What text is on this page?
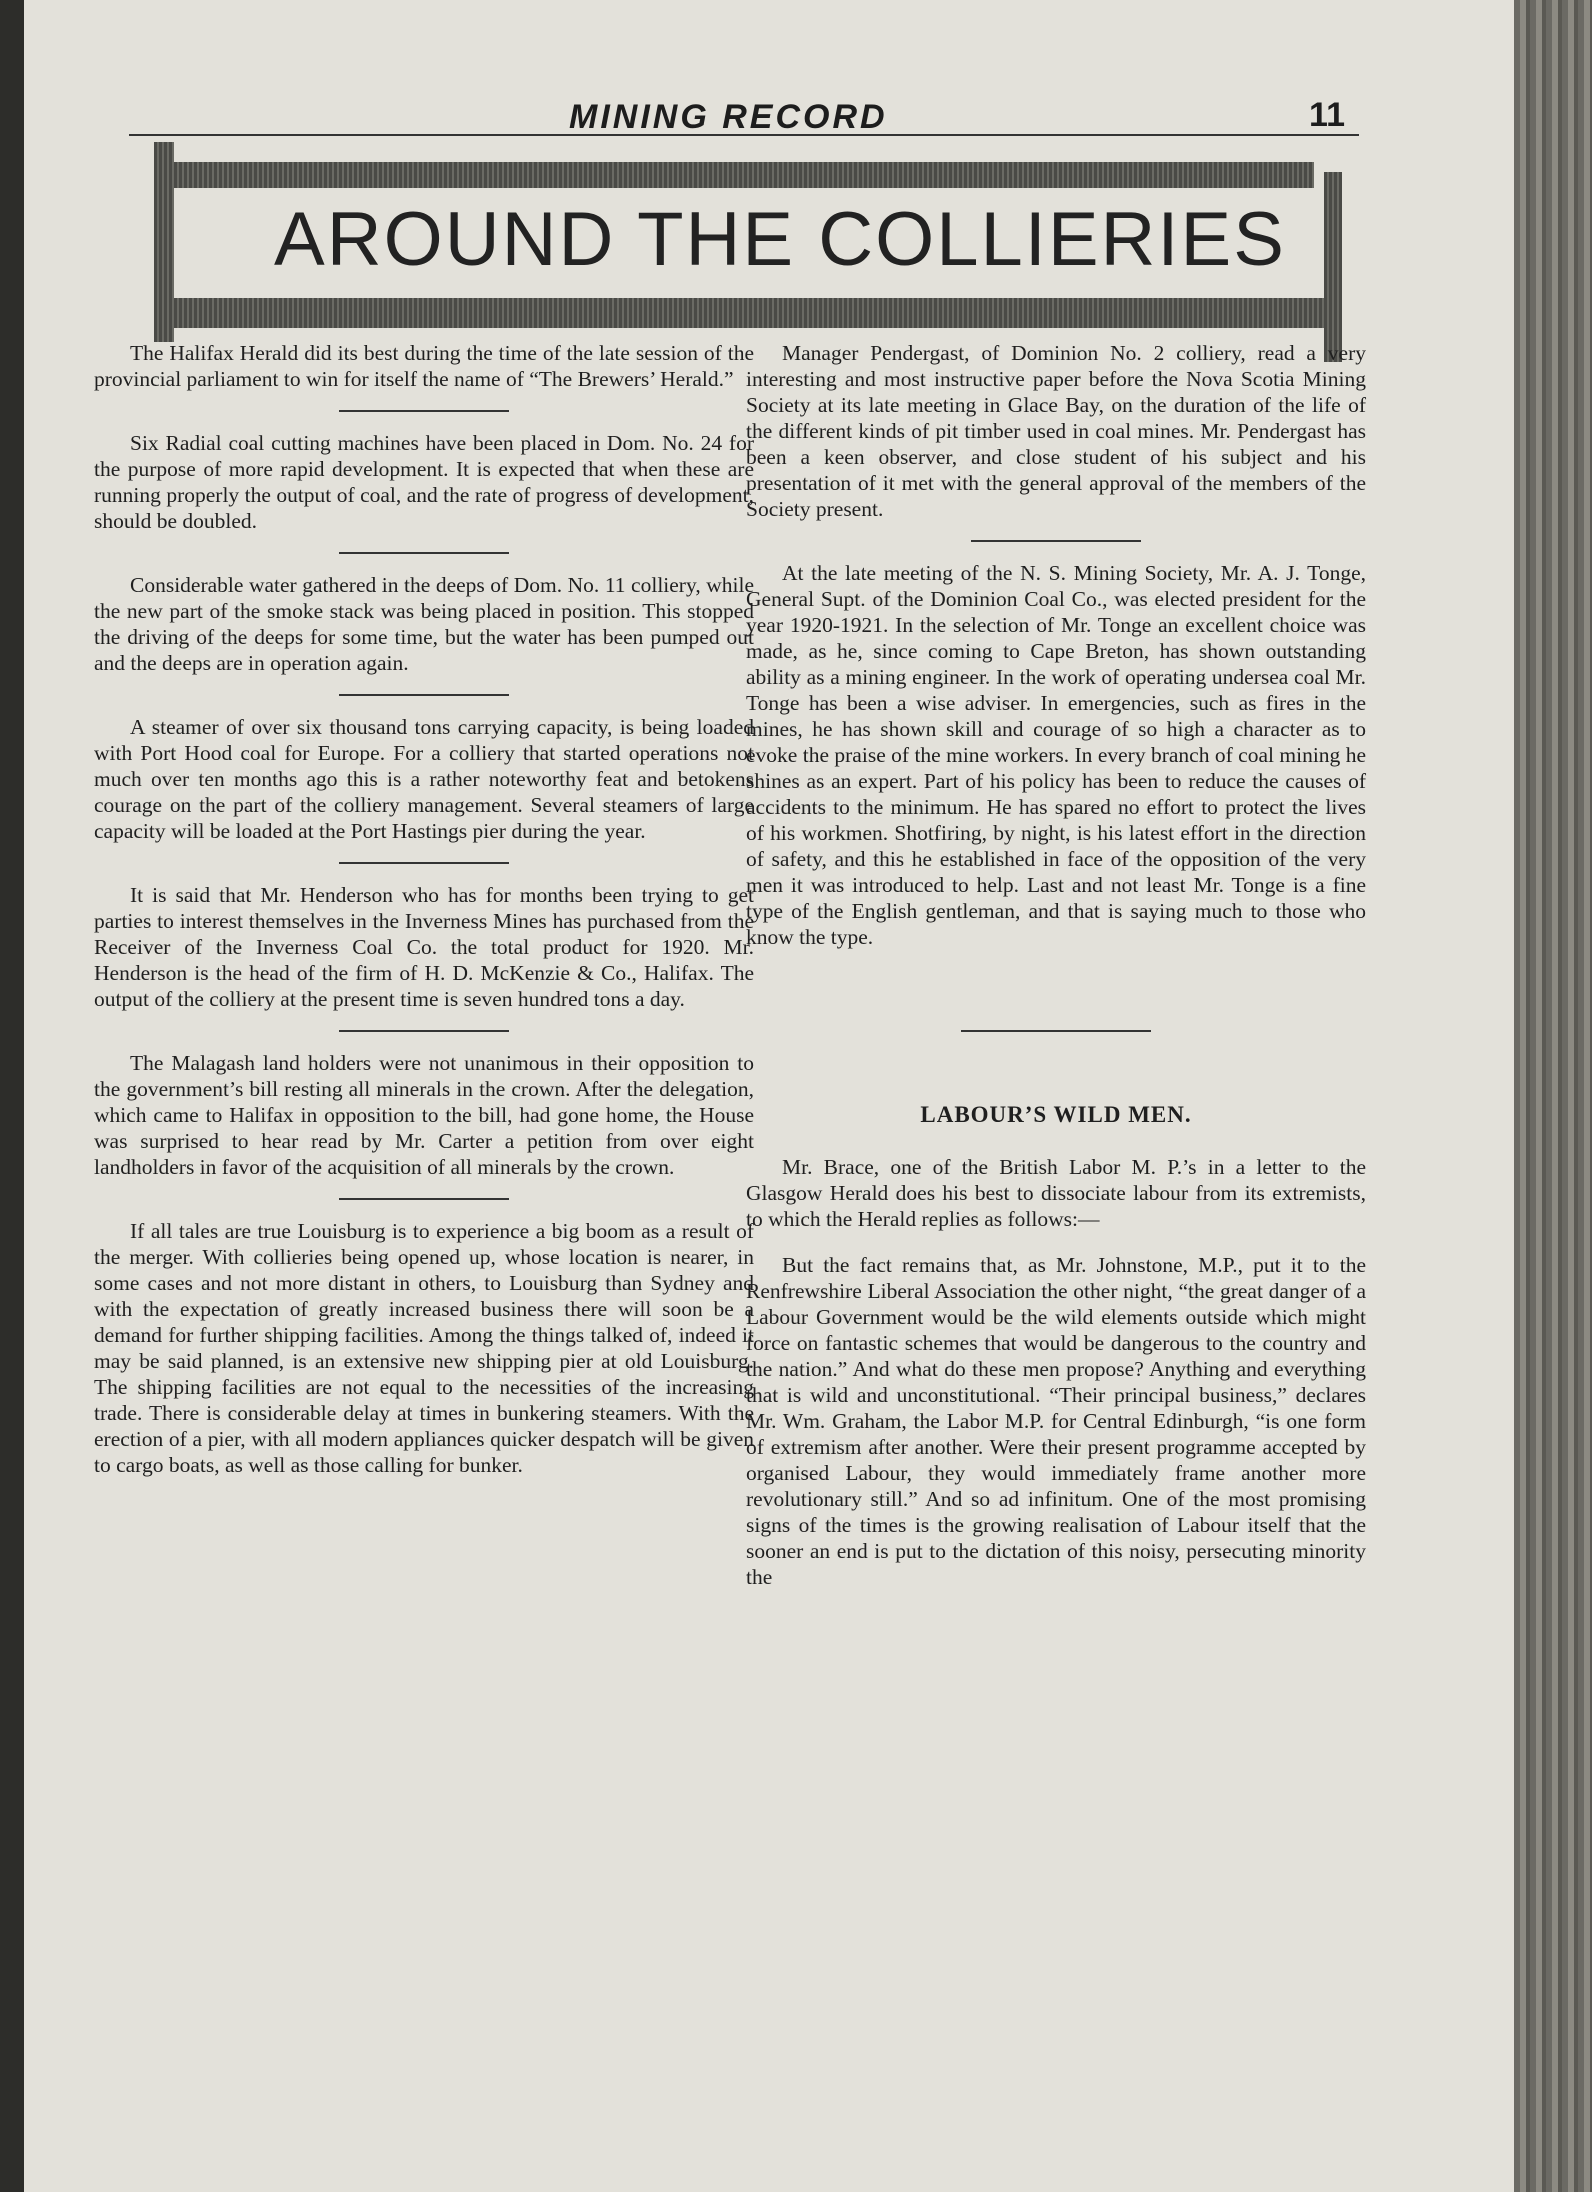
MINING RECORD	11
AROUND THE COLLIERIES

The Halifax Herald did its best during the time of the late session of the provincial parliament to win for itself the name of “The Brewers’ Herald.”

Six Radial coal cutting machines have been placed in Dom. No. 24 for the purpose of more rapid development. It is expected that when these are running properly the output of coal, and the rate of progress of development, should be doubled.

Considerable water gathered in the deeps of Dom. No. 11 colliery, while the new part of the smoke stack was being placed in position. This stopped the driving of the deeps for some time, but the water has been pumped out and the deeps are in operation again.

A steamer of over six thousand tons carrying capacity, is being loaded with Port Hood coal for Europe. For a colliery that started operations not much over ten months ago this is a rather noteworthy feat and betokens courage on the part of the colliery management. Several steamers of large capacity will be loaded at the Port Hastings pier during the year.

It is said that Mr. Henderson who has for months been trying to get parties to interest themselves in the Inverness Mines has purchased from the Receiver of the Inverness Coal Co. the total product for 1920. Mr. Henderson is the head of the firm of H. D. McKenzie & Co., Halifax. The output of the colliery at the present time is seven hundred tons a day.

The Malagash land holders were not unanimous in their opposition to the government’s bill resting all minerals in the crown. After the delegation, which came to Halifax in opposition to the bill, had gone home, the House was surprised to hear read by Mr. Carter a petition from over eight landholders in favor of the acquisition of all minerals by the crown.

If all tales are true Louisburg is to experience a big boom as a result of the merger. With collieries being opened up, whose location is nearer, in some cases and not more distant in others, to Louisburg than Sydney and with the expectation of greatly increased business there will soon be a demand for further shipping facilities. Among the things talked of, indeed it may be said planned, is an extensive new shipping pier at old Louisburg. The shipping facilities are not equal to the necessities of the increasing trade. There is considerable delay at times in bunkering steamers. With the erection of a pier, with all modern appliances quicker despatch will be given to cargo boats, as well as those calling for bunker.

Manager Pendergast, of Dominion No. 2 colliery, read a very interesting and most instructive paper before the Nova Scotia Mining Society at its late meeting in Glace Bay, on the duration of the life of the different kinds of pit timber used in coal mines. Mr. Pendergast has been a keen observer, and close student of his subject and his presentation of it met with the general approval of the members of the Society present.

At the late meeting of the N. S. Mining Society, Mr. A. J. Tonge, General Supt. of the Dominion Coal Co., was elected president for the year 1920-1921. In the selection of Mr. Tonge an excellent choice was made, as he, since coming to Cape Breton, has shown outstanding ability as a mining engineer. In the work of operating undersea coal Mr. Tonge has been a wise adviser. In emergencies, such as fires in the mines, he has shown skill and courage of so high a character as to evoke the praise of the mine workers. In every branch of coal mining he shines as an expert. Part of his policy has been to reduce the causes of accidents to the minimum. He has spared no effort to protect the lives of his workmen. Shotfiring, by night, is his latest effort in the direction of safety, and this he established in face of the opposition of the very men it was introduced to help. Last and not least Mr. Tonge is a fine type of the English gentleman, and that is saying much to those who know the type.

LABOUR’S WILD MEN.

Mr. Brace, one of the British Labor M. P.’s in a letter to the Glasgow Herald does his best to dissociate labour from its extremists, to which the Herald replies as follows:—

But the fact remains that, as Mr. Johnstone, M.P., put it to the Renfrewshire Liberal Association the other night, “the great danger of a Labour Government would be the wild elements outside which might force on fantastic schemes that would be dangerous to the country and the nation.” And what do these men propose? Anything and everything that is wild and unconstitutional. “Their principal business,” declares Mr. Wm. Graham, the Labor M.P. for Central Edinburgh, “is one form of extremism after another. Were their present programme accepted by organised Labour, they would immediately frame another more revolutionary still.” And so ad infinitum. One of the most promising signs of the times is the growing realisation of Labour itself that the sooner an end is put to the dictation of this noisy, persecuting minority the
